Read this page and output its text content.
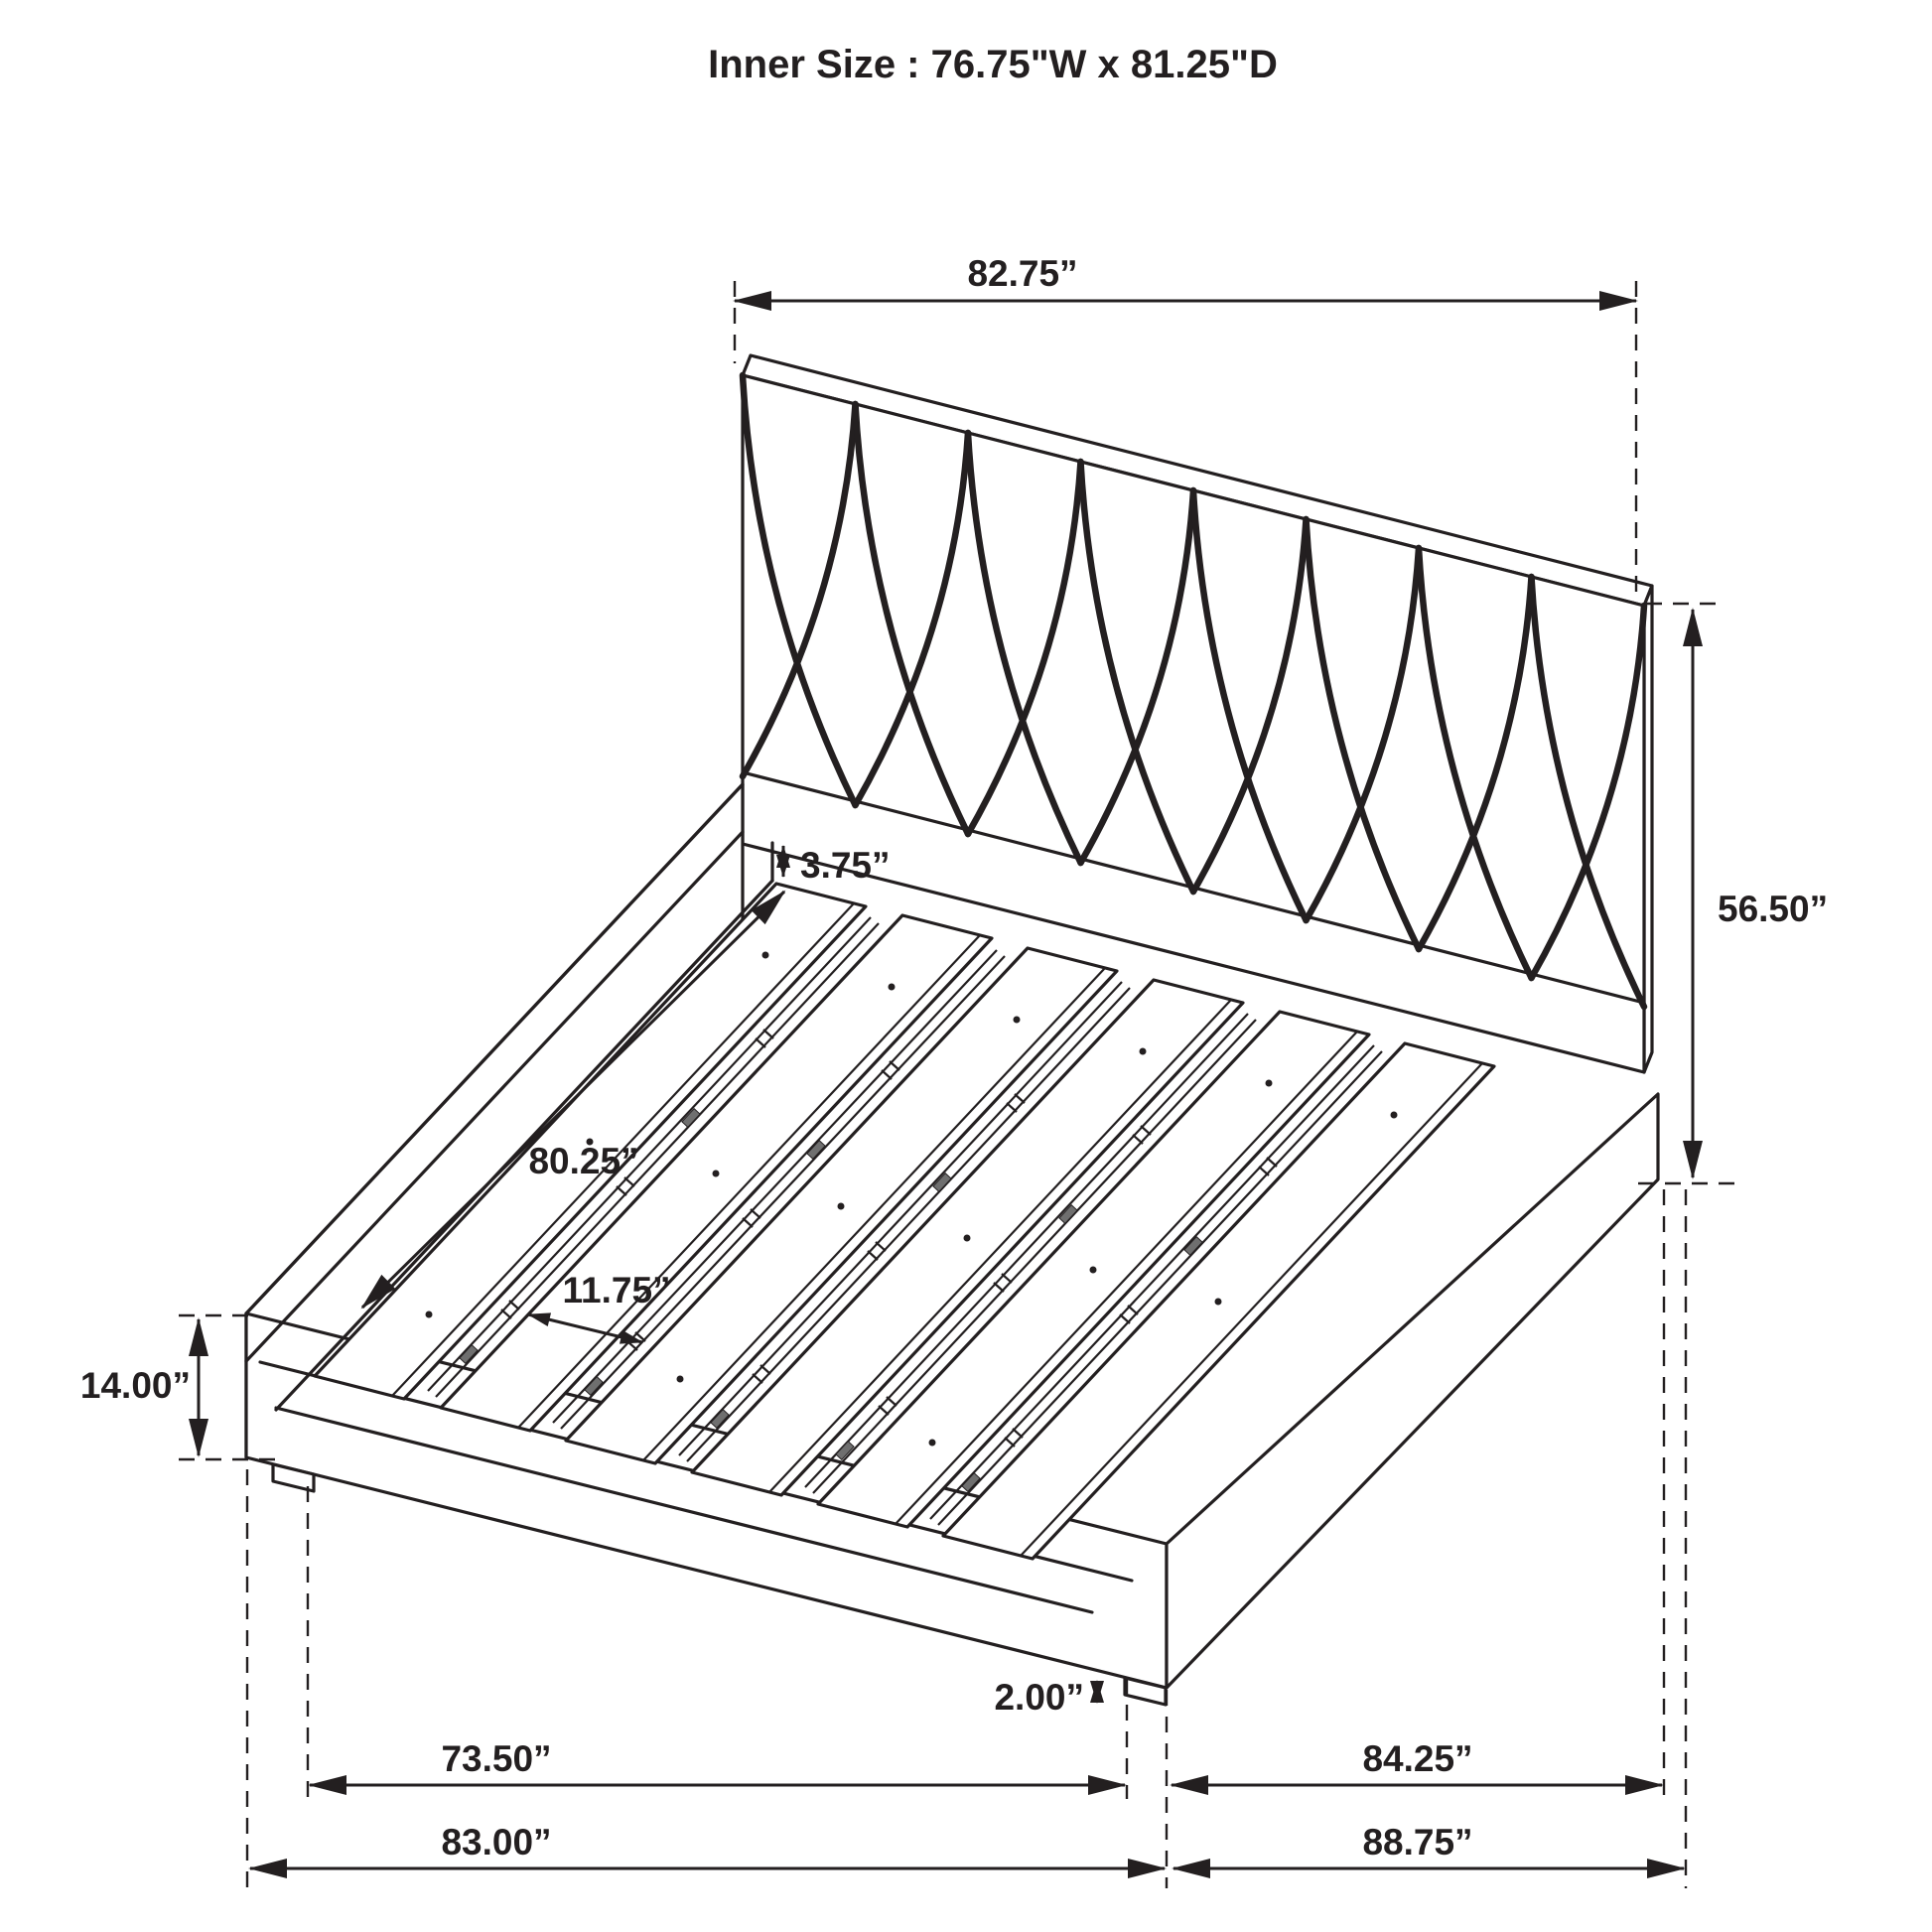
Inner Size : 76.75"W x 81.25"D
82.75”
56.50”
3.75”
80.25”
11.75”
14.00”
2.00”
73.50”	84.25”
83.00”	88.75”
